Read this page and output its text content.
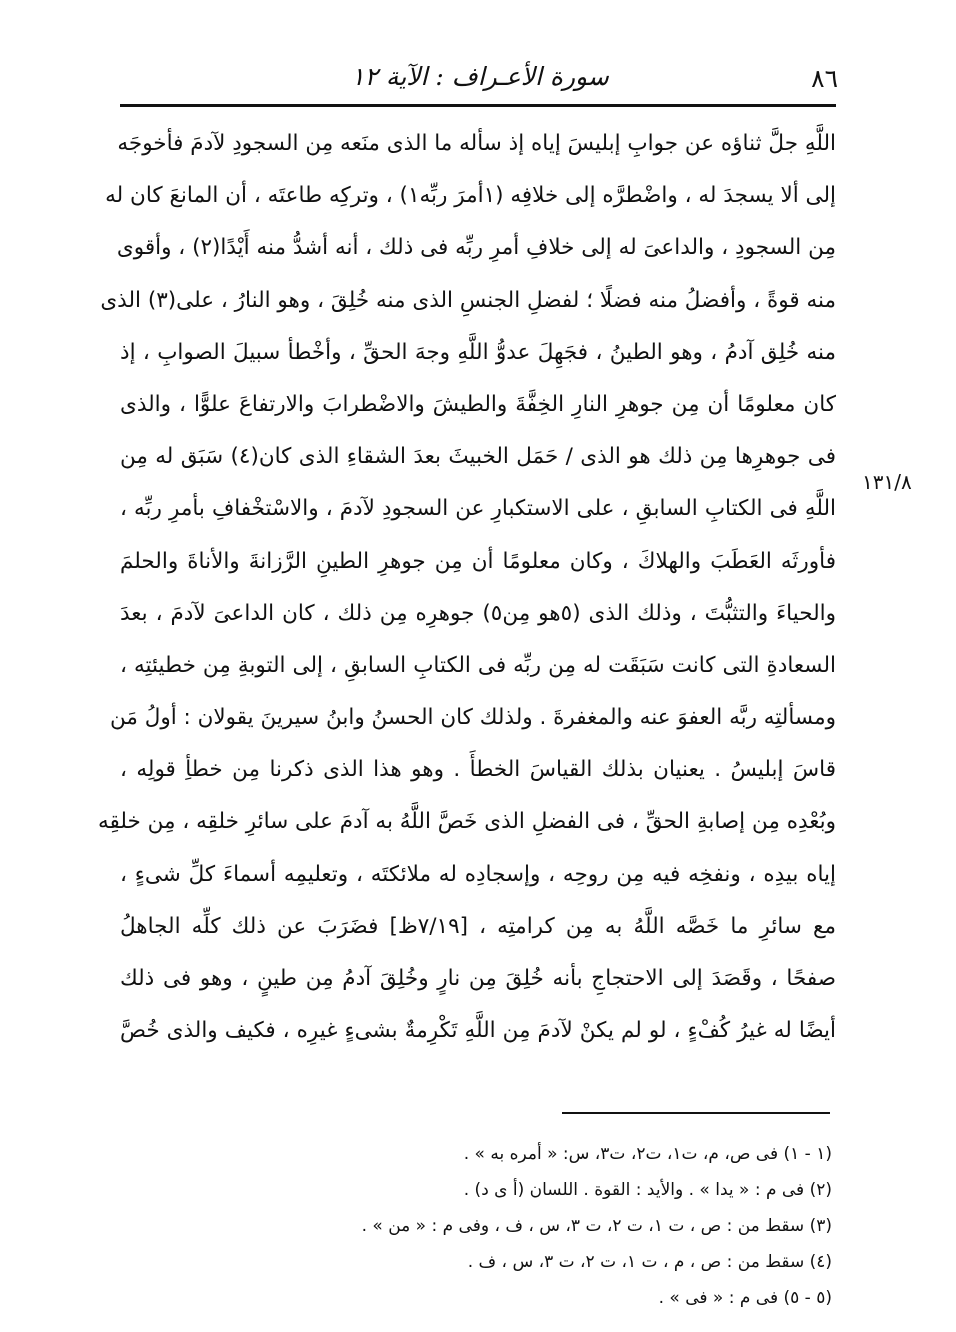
٨٦
سورة الأعـراف : الآية ١٢
اللَّهِ جلَّ ثناؤه عن جوابِ إبليسَ إياه إذ سأله ما الذى منَعه مِن السجودِ لآدمَ فأخوجَه
إلى ألا يسجدَ له ، واضْطرَّه إلى خلافِه (١أمرَ ربِّه١) ، وتركِه طاعتَه ، أن المانعَ كان له
مِن السجودِ ، والداعىَ له إلى خلافِ أمرِ ربِّه فى ذلك ، أنه أشدُّ منه أَيْدًا(٢) ، وأقوى
منه قوةً ، وأفضلُ منه فضلًا ؛ لفضلِ الجنسِ الذى منه خُلِقَ ، وهو النارُ ، على(٣) الذى
منه خُلِق آدمُ ، وهو الطينُ ، فجَهِلَ عدوُّ اللَّهِ وجهَ الحقِّ ، وأخْطأ سبيلَ الصوابِ ، إذ
كان معلومًا أن مِن جوهرِ النارِ الخِفَّةَ والطيشَ والاضْطرابَ والارتفاعَ علوًّا ، والذى
فى جوهرِها مِن ذلك هو الذى / حَمَل الخبيثَ بعدَ الشقاءِ الذى كان(٤) سَبَق له مِن
اللَّهِ فى الكتابِ السابقِ ، على الاستكبارِ عن السجودِ لآدمَ ، والاسْتخْفافِ بأمرِ ربِّه ،
فأورثَه العَطَبَ والهلاكَ ، وكان معلومًا أن مِن جوهرِ الطينِ الرَّزانةَ والأناةَ والحلمَ
والحياءَ والتثبُّتَ ، وذلك الذى (٥هو مِن٥) جوهرِه مِن ذلك ، كان الداعىَ لآدمَ ، بعدَ
السعادةِ التى كانت سَبَقَت له مِن ربِّه فى الكتابِ السابقِ ، إلى التوبةِ مِن خطيئتِه ،
ومسألتِه ربَّه العفوَ عنه والمغفرةَ . ولذلك كان الحسنُ وابنُ سيرينَ يقولان : أولُ مَن
قاسَ إبليسُ . يعنيان بذلك القياسَ الخطأَ . وهو هذا الذى ذكرنا مِن خطأِ قولِه ،
وبُعْدِه مِن إصابةِ الحقِّ ، فى الفضلِ الذى خَصَّ اللَّهُ به آدمَ على سائرِ خلقِه ، مِن خلقِه
إياه بيدِه ، ونفخِه فيه مِن روحِه ، وإسجادِه له ملائكتَه ، وتعليمِه أسماءَ كلِّ شىءٍ ،
مع سائرِ ما خَصَّه اللَّهُ به مِن كرامتِه ، [٧/١٩ظ] فضَرَبَ عن ذلك كلِّه الجاهلُ
صفحًا ، وقَصَدَ إلى الاحتجاجِ بأنه خُلِقَ مِن نارٍ وخُلِقَ آدمُ مِن طينٍ ، وهو فى ذلك
أيضًا له غيرُ كُفْءٍ ، لو لم يكنْ لآدمَ مِن اللَّهِ تَكْرِمةٌ بشىءٍ غيرِه ، فكيف والذى خُصَّ
١٣١/٨
(١ - ١) فى ص، م، ت١، ت٢، ت٣، س: « أمره به » .
(٢) فى م : « يدا » . والأيد : القوة . اللسان (أ ى د) .
(٣) سقط من : ص ، ت ١، ت ٢، ت ٣، س ، ف ، وفى م : « من » .
(٤) سقط من : ص ، م ، ت ١، ت ٢، ت ٣، س ، ف .
(٥ - ٥) فى م : « فى » .
